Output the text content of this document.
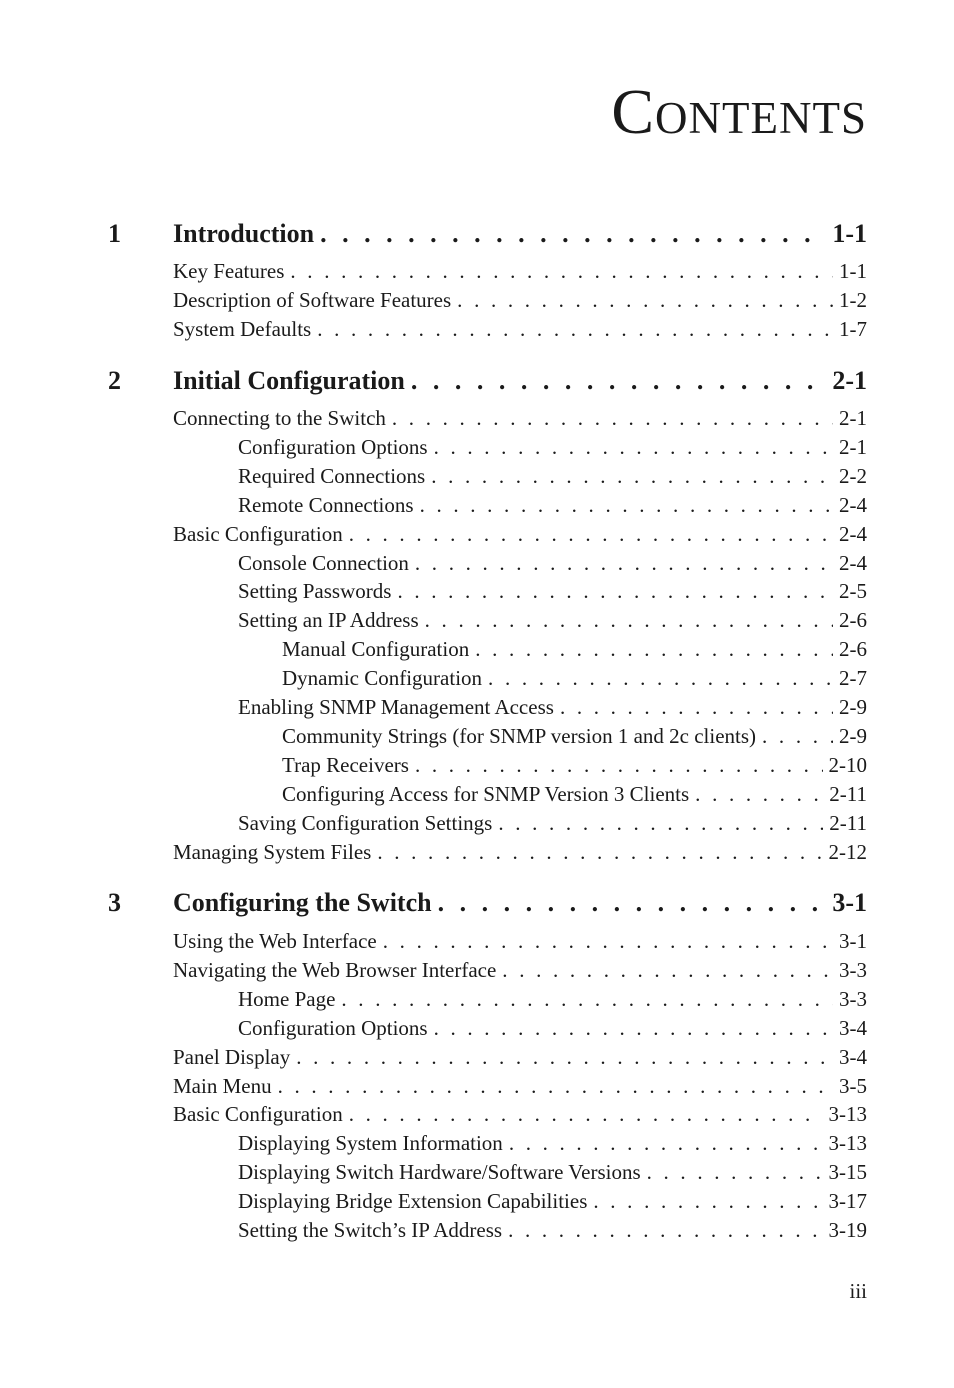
Contents
1 Introduction . . .	1-1
Key Features . . .	1-1
Description of Software Features . . .	1-2
System Defaults . . .	1-7
2 Initial Configuration . . .	2-1
Connecting to the Switch . . .	2-1
Configuration Options . . .	2-1
Required Connections . . .	2-2
Remote Connections . . .	2-4
Basic Configuration . . .	2-4
Console Connection . . .	2-4
Setting Passwords . . .	2-5
Setting an IP Address . . .	2-6
Manual Configuration . . .	2-6
Dynamic Configuration . . .	2-7
Enabling SNMP Management Access . . .	2-9
Community Strings (for SNMP version 1 and 2c clients) . . .	2-9
Trap Receivers . . .	2-10
Configuring Access for SNMP Version 3 Clients . . .	2-11
Saving Configuration Settings . . .	2-11
Managing System Files . . .	2-12
3 Configuring the Switch . . .	3-1
Using the Web Interface . . .	3-1
Navigating the Web Browser Interface . . .	3-3
Home Page . . .	3-3
Configuration Options . . .	3-4
Panel Display . . .	3-4
Main Menu . . .	3-5
Basic Configuration . . .	3-13
Displaying System Information . . .	3-13
Displaying Switch Hardware/Software Versions . . .	3-15
Displaying Bridge Extension Capabilities . . .	3-17
Setting the Switch’s IP Address . . .	3-19
iii
